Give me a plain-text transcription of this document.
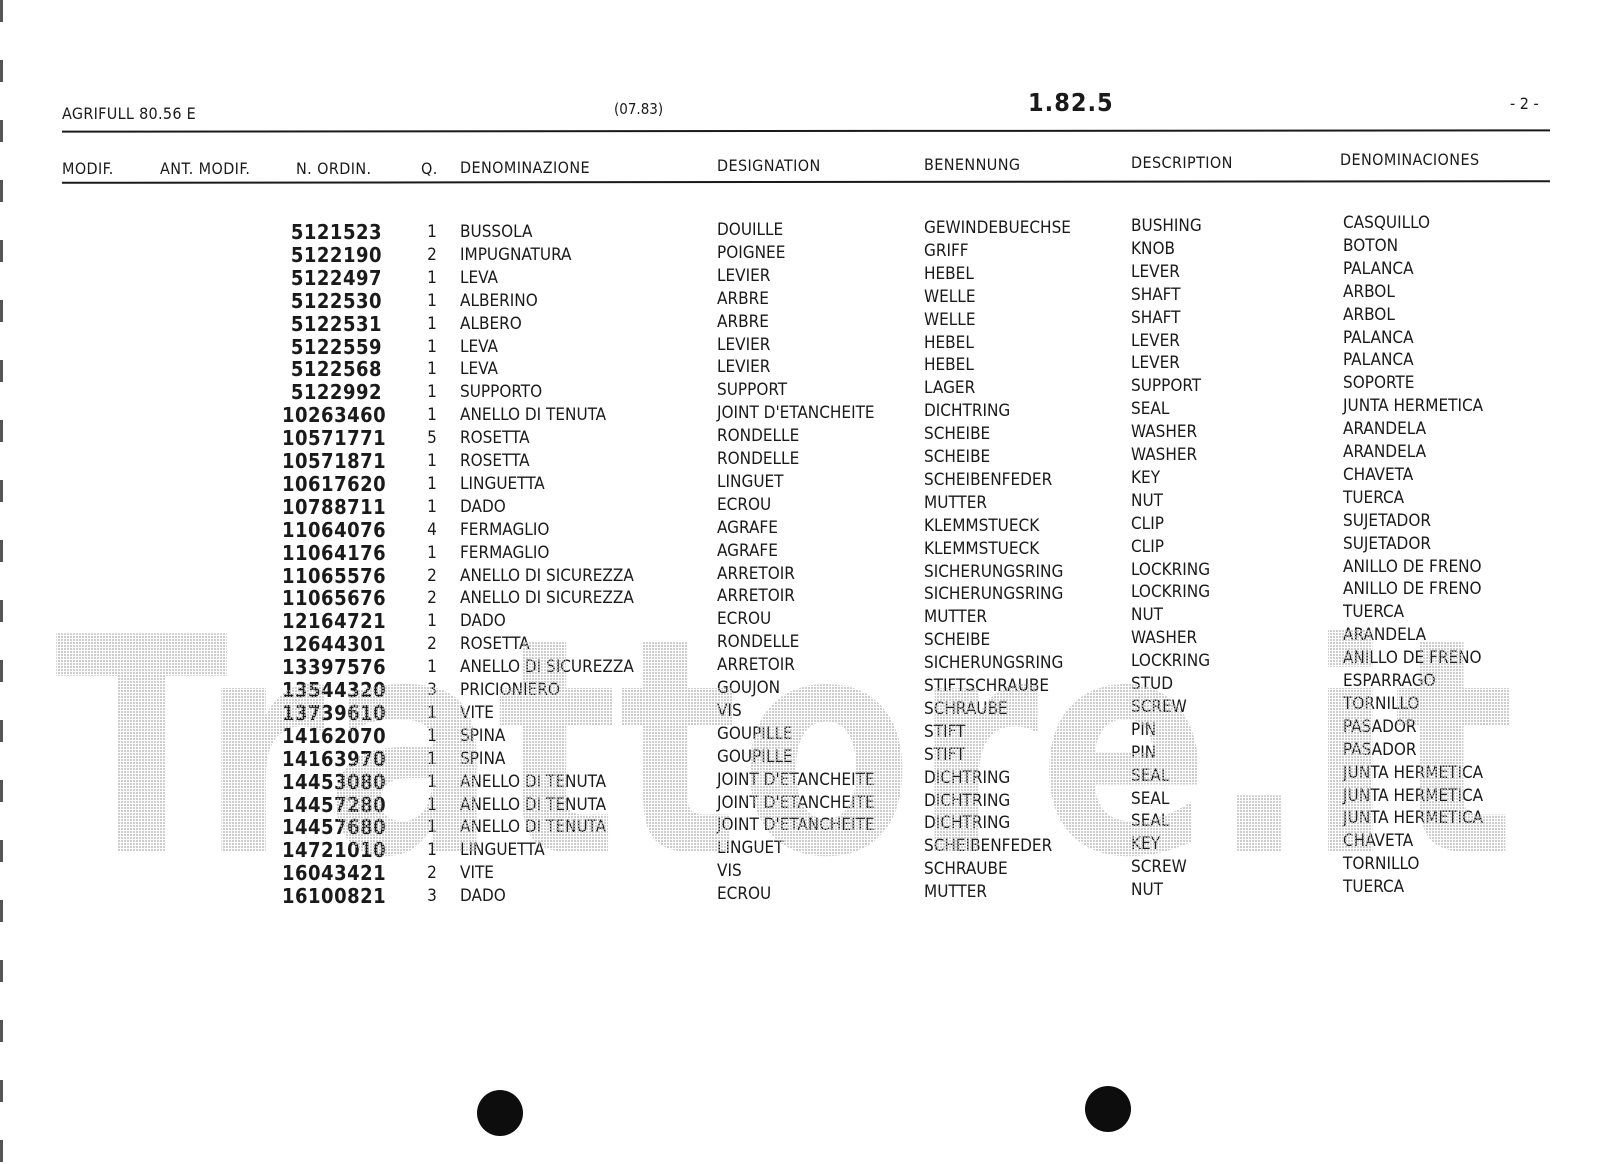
AGRIFULL 80.56 E	(07.83)	1.82.5	- 2 -
MODIF.	ANT. MODIF.	N. ORDIN.	Q. DENOMINAZIONE	DESIGNATION	BENENNUNG	DESCRIPTION	DENOMINACIONES
5121523	1 BUSSOLA	DOUILLE	GEWINDEBUECHSE	BUSHING	CASQUILLO
5122190	2 IMPUGNATURA	POIGNEE	GRIFF	KNOB	BOTON
5122497	1 LEVA	LEVIER	HEBEL	LEVER	PALANCA
5122530	1 ALBERINO	ARBRE	WELLE	SHAFT	ARBOL
5122531	1 ALBERO	ARBRE	WELLE	SHAFT	ARBOL
5122559	1 LEVA	LEVIER	HEBEL	LEVER	PALANCA
5122568	1 LEVA	LEVIER	HEBEL	LEVER	PALANCA
5122992	1 SUPPORTO	SUPPORT	LAGER	SUPPORT	SOPORTE
10263460 1 ANELLO DI TENUTA	JOINT D'ETANCHEITE	DICHTRING	SEAL	JUNTA HERMETICA
10571771 5 ROSETTA	RONDELLE	SCHEIBE	WASHER	ARANDELA
10571871 1 ROSETTA	RONDELLE	SCHEIBE	WASHER	ARANDELA
10617620 1 LINGUETTA	LINGUET	SCHEIBENFEDER	KEY	CHAVETA
10788711 1 DADO	ECROU	MUTTER	NUT	TUERCA
11064076 4 FERMAGLIO	AGRAFE	KLEMMSTUECK	CLIP	SUJETADOR
11064176 1 FERMAGLIO	AGRAFE	KLEMMSTUECK	CLIP	SUJETADOR
11065576 2 ANELLO DI SICUREZZA	ARRETOIR	SICHERUNGSRING	LOCKRING	ANILLO DE FRENO
11065676 2 ANELLO DI SICUREZZA	ARRETOIR	SICHERUNGSRING	LOCKRING	ANILLO DE FRENO
12164721 1 DADO	ECROU	MUTTER	NUT	TUERCA
12644301 2 ROSETTA	RONDELLE	SCHEIBE	WASHER	ARANDELA
13397576 1 ANELLO DI SICUREZZA	ARRETOIR	SICHERUNGSRING	LOCKRING	ANILLO DE FRENO
13544320 3 PRICIONIERO	GOUJON	STIFTSCHRAUBE	STUD	ESPARRAGO
13739610 1 VITE	VIS	SCHRAUBE	SCREW	TORNILLO
14162070 1 SPINA	GOUPILLE	STIFT	PIN	PASADOR
14163970 1 SPINA	GOUPILLE	STIFT	PIN	PASADOR
14453080 1 ANELLO DI TENUTA	JOINT D'ETANCHEITE	DICHTRING	SEAL	JUNTA HERMETICA
14457280 1 ANELLO DI TENUTA	JOINT D'ETANCHEITE	DICHTRING	SEAL	JUNTA HERMETICA
14457680 1 ANELLO DI TENUTA	JOINT D'ETANCHEITE	DICHTRING	SEAL	JUNTA HERMETICA
14721010 1 LINGUETTA	LINGUET	SCHEIBENFEDER	KEY	CHAVETA
16043421 2 VITE	VIS	SCHRAUBE	SCREW	TORNILLO
16100821 3 DADO	ECROU	MUTTER	NUT	TUERCA
Trattore.it
